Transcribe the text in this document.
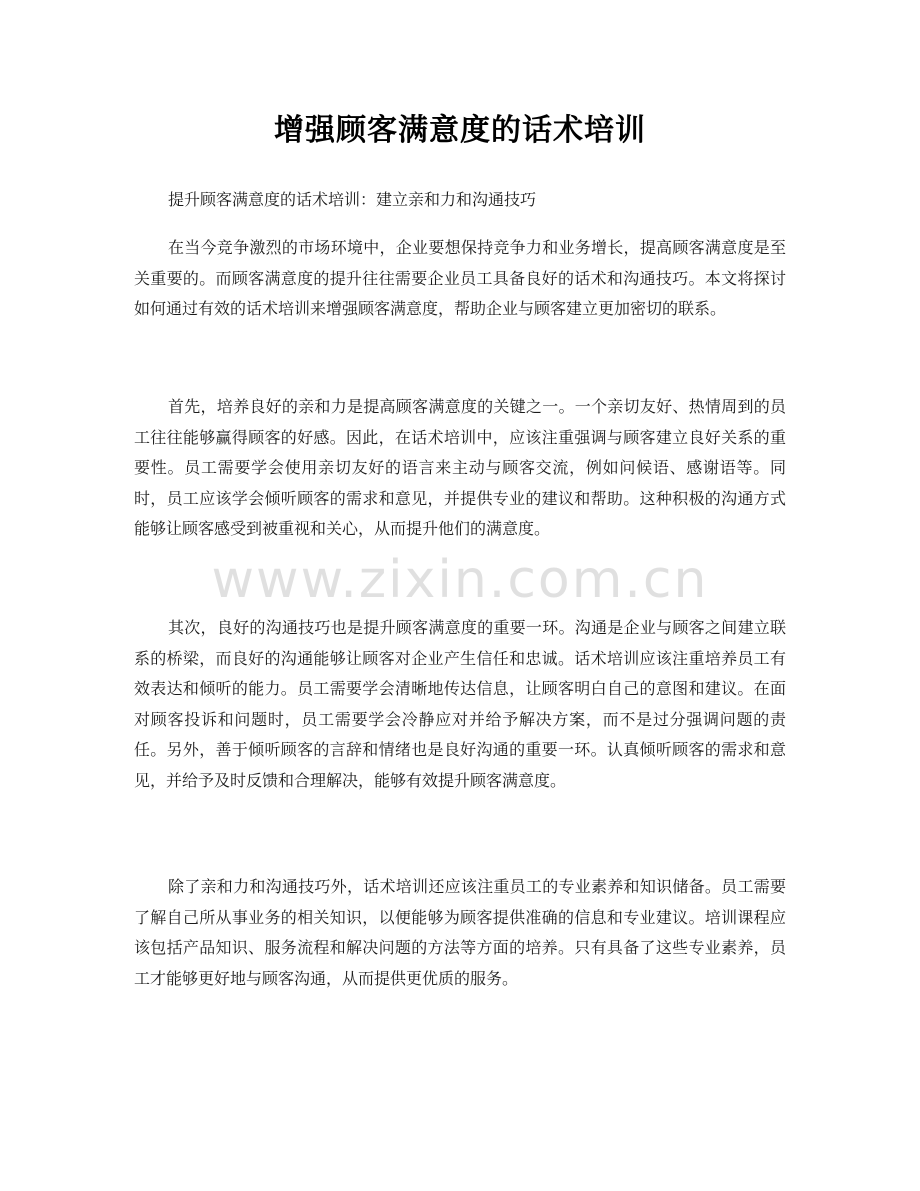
增强顾客满意度的话术培训

提升顾客满意度的话术培训：建立亲和力和沟通技巧

在当今竞争激烈的市场环境中，企业要想保持竞争力和业务增长，提高顾客满意度是至关重要的。而顾客满意度的提升往往需要企业员工具备良好的话术和沟通技巧。本文将探讨如何通过有效的话术培训来增强顾客满意度，帮助企业与顾客建立更加密切的联系。

首先，培养良好的亲和力是提高顾客满意度的关键之一。一个亲切友好、热情周到的员工往往能够赢得顾客的好感。因此，在话术培训中，应该注重强调与顾客建立良好关系的重要性。员工需要学会使用亲切友好的语言来主动与顾客交流，例如问候语、感谢语等。同时，员工应该学会倾听顾客的需求和意见，并提供专业的建议和帮助。这种积极的沟通方式能够让顾客感受到被重视和关心，从而提升他们的满意度。

其次，良好的沟通技巧也是提升顾客满意度的重要一环。沟通是企业与顾客之间建立联系的桥梁，而良好的沟通能够让顾客对企业产生信任和忠诚。话术培训应该注重培养员工有效表达和倾听的能力。员工需要学会清晰地传达信息，让顾客明白自己的意图和建议。在面对顾客投诉和问题时，员工需要学会冷静应对并给予解决方案，而不是过分强调问题的责任。另外，善于倾听顾客的言辞和情绪也是良好沟通的重要一环。认真倾听顾客的需求和意见，并给予及时反馈和合理解决，能够有效提升顾客满意度。

除了亲和力和沟通技巧外，话术培训还应该注重员工的专业素养和知识储备。员工需要了解自己所从事业务的相关知识，以便能够为顾客提供准确的信息和专业建议。培训课程应该包括产品知识、服务流程和解决问题的方法等方面的培养。只有具备了这些专业素养，员工才能够更好地与顾客沟通，从而提供更优质的服务。

www.zixin.com.cn
